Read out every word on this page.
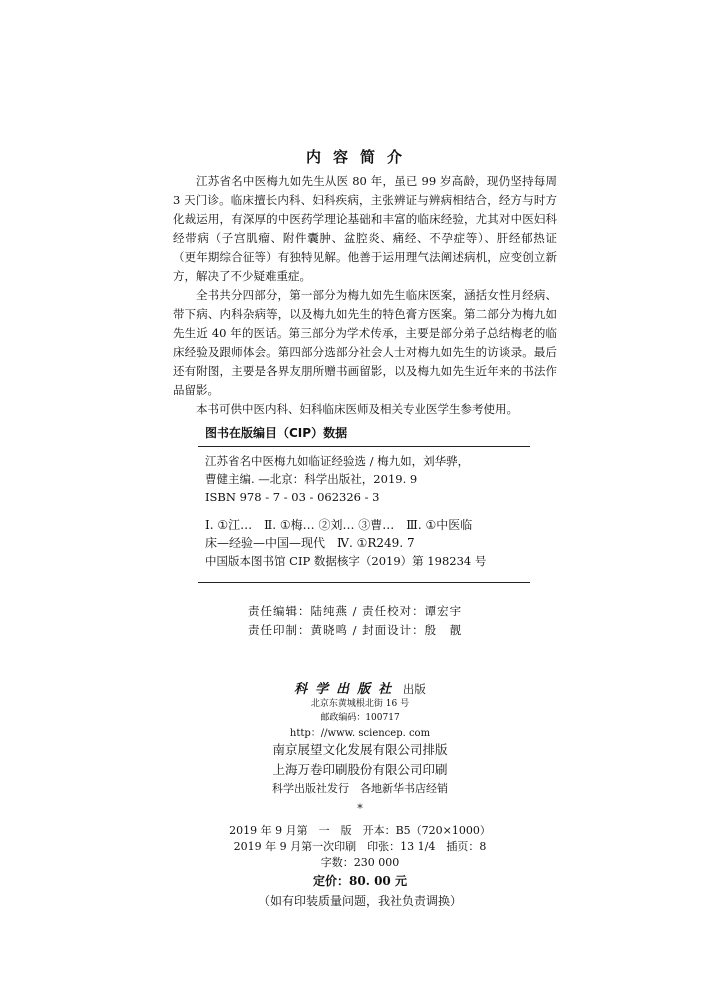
内容简介

江苏省名中医梅九如先生从医 80 年，虽已 99 岁高龄，现仍坚持每周 3 天门诊。临床擅长内科、妇科疾病，主张辨证与辨病相结合，经方与时方化裁运用，有深厚的中医药学理论基础和丰富的临床经验，尤其对中医妇科经带病（子宫肌瘤、附件囊肿、盆腔炎、痛经、不孕症等）、肝经郁热证（更年期综合征等）有独特见解。他善于运用理气法阐述病机，应变创立新方，解决了不少疑难重症。

全书共分四部分，第一部分为梅九如先生临床医案，涵括女性月经病、带下病、内科杂病等，以及梅九如先生的特色膏方医案。第二部分为梅九如先生近 40 年的医话。第三部分为学术传承，主要是部分弟子总结梅老的临床经验及跟师体会。第四部分选部分社会人士对梅九如先生的访谈录。最后还有附图，主要是各界友朋所赠书画留影，以及梅九如先生近年来的书法作品留影。

本书可供中医内科、妇科临床医师及相关专业医学生参考使用。

图书在版编目（CIP）数据
江苏省名中医梅九如临证经验选 / 梅九如，刘华骅，
曹健主编. —北京：科学出版社，2019. 9
ISBN 978 - 7 - 03 - 062326 - 3
Ⅰ. ①江…　Ⅱ. ①梅… ②刘… ③曹…　Ⅲ. ①中医临
床—经验—中国—现代　Ⅳ. ①R249. 7
中国版本图书馆 CIP 数据核字（2019）第 198234 号
责任编辑：陆纯燕 / 责任校对：谭宏宇
责任印制：黄晓鸣 / 封面设计：殷　靓
科学出版社 出版
北京东黄城根北街 16 号
邮政编码：100717
http：//www. sciencep. com
南京展望文化发展有限公司排版
上海万卷印刷股份有限公司印刷
科学出版社发行　各地新华书店经销
*
2019 年 9 月第　一　版　开本：B5（720×1000）
2019 年 9 月第一次印刷　印张：13 1/4　插页：8
字数：230 000
定价：80. 00 元
（如有印装质量问题，我社负责调换）
